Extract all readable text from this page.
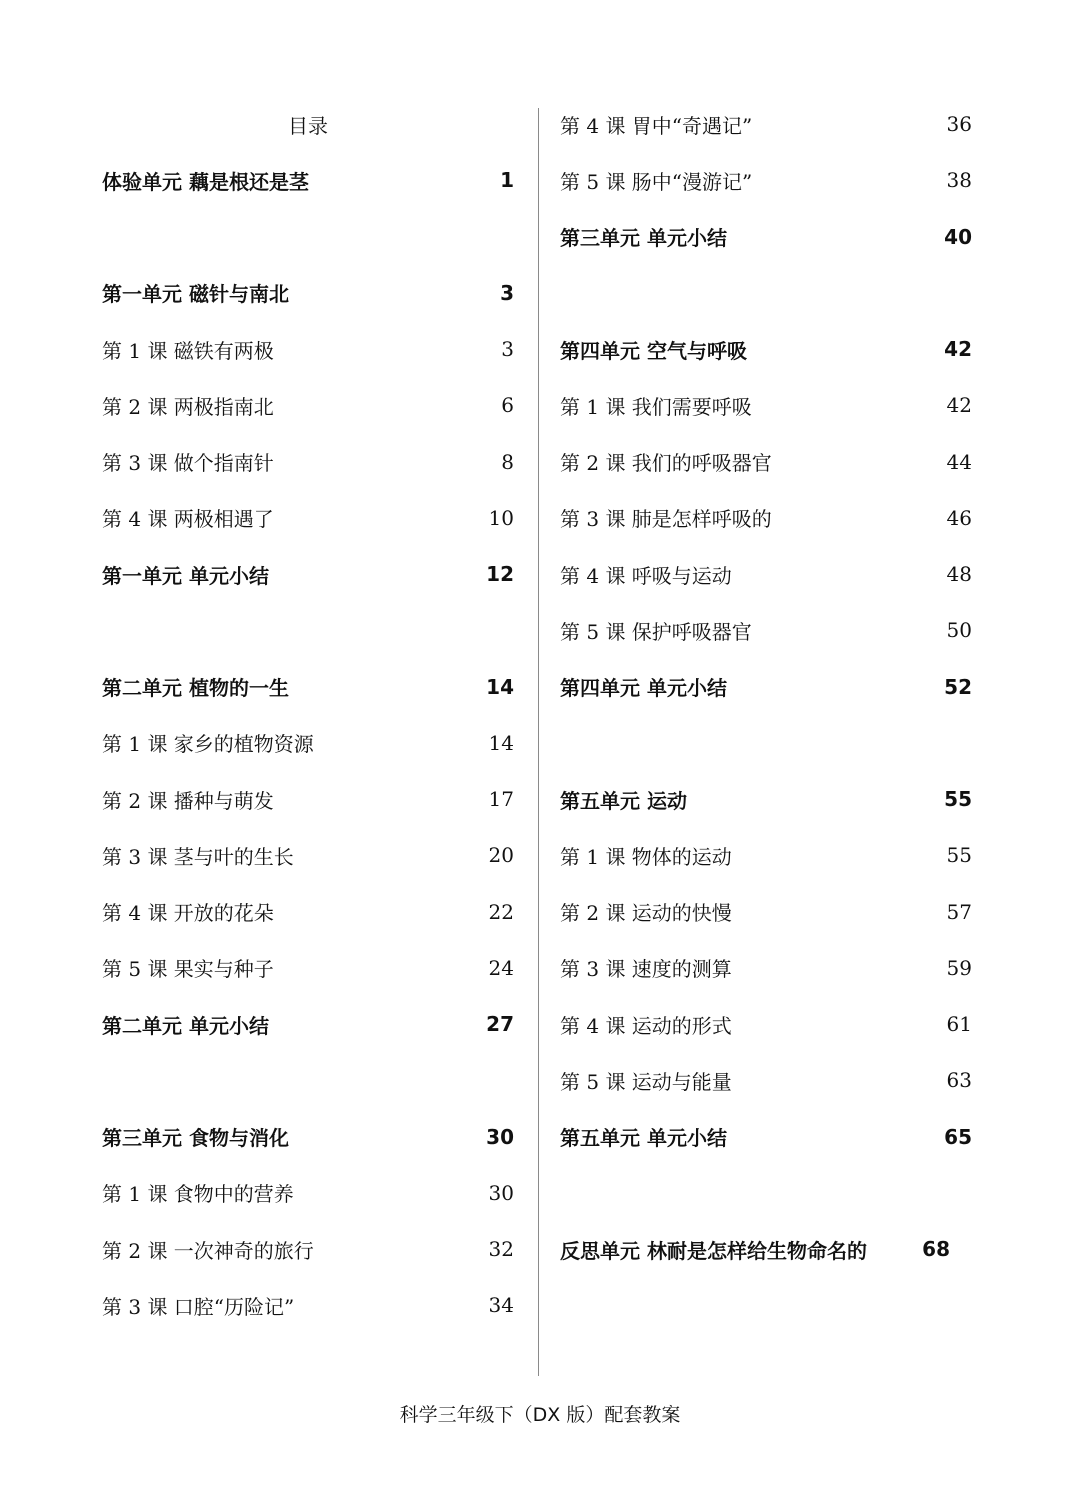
目录
体验单元 藕是根还是茎	1
第一单元 磁针与南北	3
第 1 课 磁铁有两极	3
第 2 课 两极指南北	6
第 3 课 做个指南针	8
第 4 课 两极相遇了	10
第一单元 单元小结	12
第二单元 植物的一生	14
第 1 课 家乡的植物资源	14
第 2 课 播种与萌发	17
第 3 课 茎与叶的生长	20
第 4 课 开放的花朵	22
第 5 课 果实与种子	24
第二单元 单元小结	27
第三单元 食物与消化	30
第 1 课 食物中的营养	30
第 2 课 一次神奇的旅行	32
第 3 课 口腔“历险记”	34
第 4 课 胃中“奇遇记”	36
第 5 课 肠中“漫游记”	38
第三单元 单元小结	40
第四单元 空气与呼吸	42
第 1 课 我们需要呼吸	42
第 2 课 我们的呼吸器官	44
第 3 课 肺是怎样呼吸的	46
第 4 课 呼吸与运动	48
第 5 课 保护呼吸器官	50
第四单元 单元小结	52
第五单元 运动	55
第 1 课 物体的运动	55
第 2 课 运动的快慢	57
第 3 课 速度的测算	59
第 4 课 运动的形式	61
第 5 课 运动与能量	63
第五单元 单元小结	65
反思单元 林耐是怎样给生物命名的	68
科学三年级下（DX 版）配套教案
